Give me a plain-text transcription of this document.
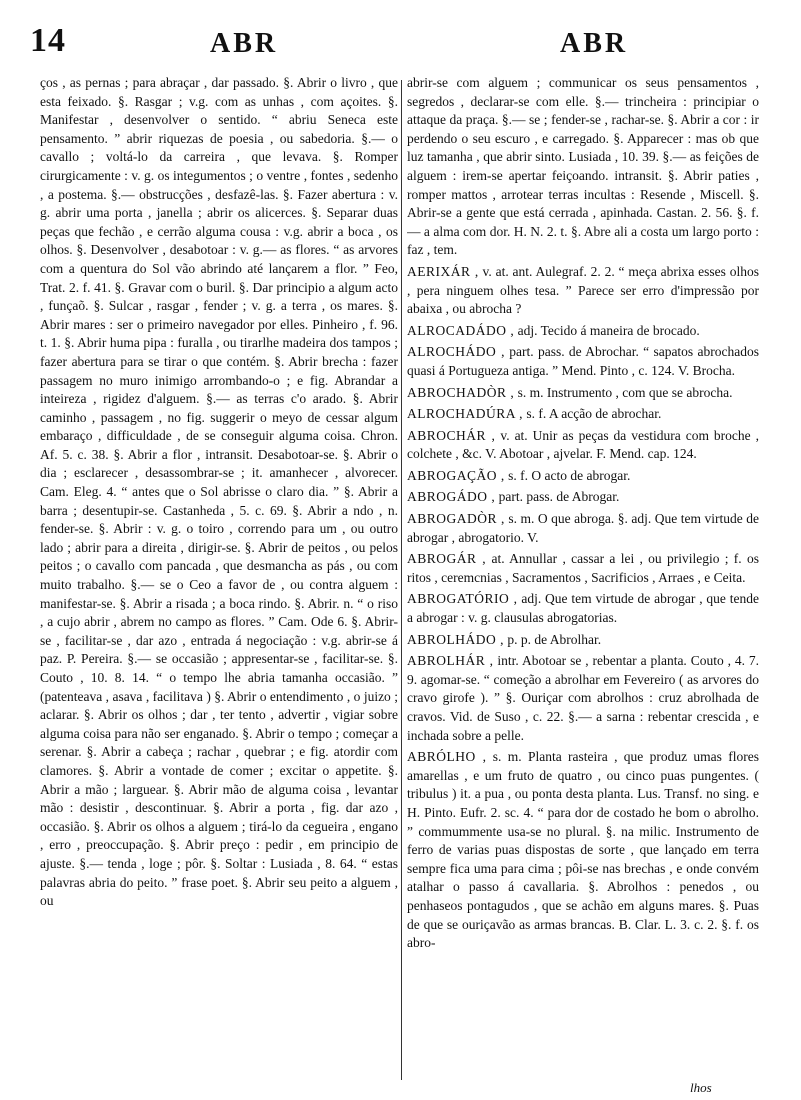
14	ABR	ABR

ços , as pernas ; para abraçar , dar passado. §. Abrir o livro , que esta feixado. §. Rasgar ; v.g. com as unhas , com açoites. §. Manifestar , desenvolver o sentido. “ abriu Seneca este pensamento. ” abrir riquezas de poesia , ou sabedoria. §.— o cavallo ; voltá-lo da carreira , que levava. §. Romper cirurgicamente : v. g. os integumentos ; o ventre , fontes , sedenho , a postema. §.— obstrucções , desfazê-las. §. Fazer abertura : v. g. abrir uma porta , janella ; abrir os alicerces. §. Separar duas peças que fechão , e cerrão alguma cousa : v.g. abrir a boca , os olhos. §. Desenvolver , desabotoar : v. g.— as flores. “ as arvores com a quentura do Sol vão abrindo até lançarem a flor. ” Feo, Trat. 2. f. 41. §. Gravar com o buril. §. Dar principio a algum acto , funçaõ. §. Sulcar , rasgar , fender ; v. g. a terra , os mares. §. Abrir mares : ser o primeiro navegador por elles. Pinheiro , f. 96. t. 1. §. Abrir huma pipa : furalla , ou tirarlhe madeira dos tampos ; fazer abertura para se tirar o que contém. §. Abrir brecha : fazer passagem no muro inimigo arrombando-o ; e fig. Abrandar a inteireza , rigidez d'alguem. §.— as terras c'o arado. §. Abrir caminho , passagem , no fig. suggerir o meyo de cessar algum embaraço , difficuldade , de se conseguir alguma coisa. Chron. Af. 5. c. 38. §. Abrir a flor , intransit. Desabotoar-se. §. Abrir o dia ; esclarecer , desassombrar-se ; it. amanhecer , alvorecer. Cam. Eleg. 4. “ antes que o Sol abrisse o claro dia. ” §. Abrir a barra ; desentupir-se. Castanheda , 5. c. 69. §. Abrir a ndo , n. fender-se. §. Abrir : v. g. o toiro , correndo para um , ou outro lado ; abrir para a direita , dirigir-se. §. Abrir de peitos , ou pelos peitos ; o cavallo com pancada , que desmancha as pás , ou com muito trabalho. §.— se o Ceo a favor de , ou contra alguem : manifestar-se. §. Abrir a risada ; a boca rindo. §. Abrir. n. “ o riso , a cujo abrir , abrem no campo as flores. ” Cam. Ode 6. §. Abrir-se , facilitar-se , dar azo , entrada á negociação : v.g. abrir-se á paz. P. Pereira. §.— se occasião ; appresentar-se , facilitar-se. §. Couto , 10. 8. 14. “ o tempo lhe abria tamanha occasião. ” (patenteava , asava , facilitava ) §. Abrir o entendimento , o juizo ; aclarar. §. Abrir os olhos ; dar , ter tento , advertir , vigiar sobre alguma coisa para não ser enganado. §. Abrir o tempo ; começar a serenar. §. Abrir a cabeça ; rachar , quebrar ; e fig. atordir com clamores. §. Abrir a vontade de comer ; excitar o appetite. §. Abrir a mão ; larguear. §. Abrir mão de alguma coisa , levantar mão : desistir , descontinuar. §. Abrir a porta , fig. dar azo , occasião. §. Abrir os olhos a alguem ; tirá-lo da cegueira , engano , erro , preoccupação. §. Abrir preço : pedir , em principio de ajuste. §.— tenda , loge ; pôr. §. Soltar : Lusiada , 8. 64. “ estas palavras abria do peito. ” frase poet. §. Abrir seu peito a alguem , ou

abrir-se com alguem ; communicar os seus pensamentos , segredos , declarar-se com elle. §.— trincheira : principiar o attaque da praça. §.— se ; fender-se , rachar-se. §. Abrir a cor : ir perdendo o seu escuro , e carregado. §. Apparecer : mas ob que luz tamanha , que abrir sinto. Lusiada , 10. 39. §.— as feições de alguem : irem-se apertar feiçoando. intransit. §. Abrir paties , romper mattos , arrotear terras incultas : Resende , Miscell. §. Abrir-se a gente que está cerrada , apinhada. Castan. 2. 56. §. f.— a alma com dor. H. N. 2. t. §. Abre ali a costa um largo porto : faz , tem.

AERIXÁR , v. at. ant. Aulegraf. 2. 2. “ meça abrixa esses olhos , pera ninguem olhes tesa. ” Parece ser erro d'impressão por abaixa , ou abrocha ?

ALROCADÁDO , adj. Tecido á maneira de brocado.

ALROCHÁDO , part. pass. de Abrochar. “ sapatos abrochados quasi á Portugueza antiga. ” Mend. Pinto , c. 124. V. Brocha.

ABROCHADÒR , s. m. Instrumento , com que se abrocha.

ALROCHADÚRA , s. f. A acção de abrochar.

ABROCHÁR , v. at. Unir as peças da vestidura com broche , colchete , &c. V. Abotoar , ajvelar. F. Mend. cap. 124.

ABROGAÇÃO , s. f. O acto de abrogar.

ABROGÁDO , part. pass. de Abrogar.

ABROGADÒR , s. m. O que abroga. §. adj. Que tem virtude de abrogar , abrogatorio. V.

ABROGÁR , at. Annullar , cassar a lei , ou privilegio ; f. os ritos , ceremcnias , Sacramentos , Sacrificios , Arraes , e Ceita.

ABROGATÓRIO , adj. Que tem virtude de abrogar , que tende a abrogar : v. g. clausulas abrogatorias.

ABROLHÁDO , p. p. de Abrolhar.

ABROLHÁR , intr. Abotoar se , rebentar a planta. Couto , 4. 7. 9. agomar-se. “ começão a abrolhar em Fevereiro ( as arvores do cravo girofe ). ” §. Ouriçar com abrolhos : cruz abrolhada de cravos. Vid. de Suso , c. 22. §.— a sarna : rebentar crescida , e inchada sobre a pelle.

ABRÓLHO , s. m. Planta rasteira , que produz umas flores amarellas , e um fruto de quatro , ou cinco puas pungentes. ( tribulus ) it. a pua , ou ponta desta planta. Lus. Transf. no sing. e H. Pinto. Eufr. 2. sc. 4. “ para dor de costado he bom o abrolho. ” commummente usa-se no plural. §. na milic. Instrumento de ferro de varias puas dispostas de sorte , que lançado em terra sempre fica uma para cima ; pôi-se nas brechas , e onde convém atalhar o passo á cavallaria. §. Abrolhos : penedos , ou penhaseos pontagudos , que se achão em alguns mares. §. Puas de que se ouriçavão as armas brancas. B. Clar. L. 3. c. 2. §. f. os abro-

lhos
